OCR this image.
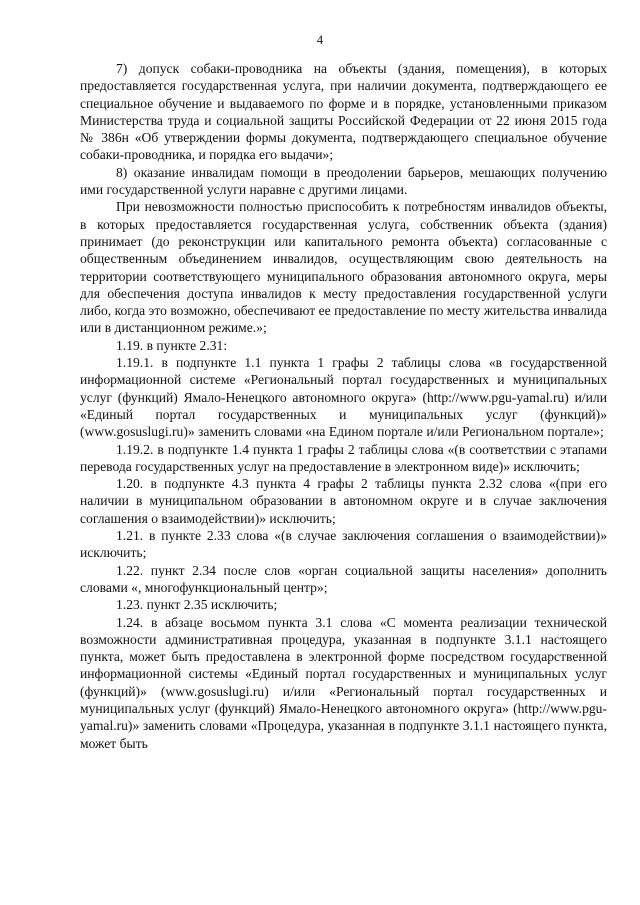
4

7) допуск собаки-проводника на объекты (здания, помещения), в которых предоставляется государственная услуга, при наличии документа, подтверждающего ее специальное обучение и выдаваемого по форме и в порядке, установленными приказом Министерства труда и социальной защиты Российской Федерации от 22 июня 2015 года № 386н «Об утверждении формы документа, подтверждающего специальное обучение собаки-проводника, и порядка его выдачи»;

8) оказание инвалидам помощи в преодолении барьеров, мешающих получению ими государственной услуги наравне с другими лицами.

При невозможности полностью приспособить к потребностям инвалидов объекты, в которых предоставляется государственная услуга, собственник объекта (здания) принимает (до реконструкции или капитального ремонта объекта) согласованные с общественным объединением инвалидов, осуществляющим свою деятельность на территории соответствующего муниципального образования автономного округа, меры для обеспечения доступа инвалидов к месту предоставления государственной услуги либо, когда это возможно, обеспечивают ее предоставление по месту жительства инвалида или в дистанционном режиме.»;

1.19. в пункте 2.31:

1.19.1. в подпункте 1.1 пункта 1 графы 2 таблицы слова «в государственной информационной системе «Региональный портал государственных и муниципальных услуг (функций) Ямало-Ненецкого автономного округа» (http://www.pgu-yamal.ru) и/или «Единый портал государственных и муниципальных услуг (функций)» (www.gosuslugi.ru)» заменить словами «на Едином портале и/или Региональном портале»;

1.19.2. в подпункте 1.4 пункта 1 графы 2 таблицы слова «(в соответствии с этапами перевода государственных услуг на предоставление в электронном виде)» исключить;

1.20. в подпункте 4.3 пункта 4 графы 2 таблицы пункта 2.32 слова «(при его наличии в муниципальном образовании в автономном округе и в случае заключения соглашения о взаимодействии)» исключить;

1.21. в пункте 2.33 слова «(в случае заключения соглашения о взаимодействии)» исключить;

1.22. пункт 2.34 после слов «орган социальной защиты населения» дополнить словами «, многофункциональный центр»;

1.23. пункт 2.35 исключить;

1.24. в абзаце восьмом пункта 3.1 слова «С момента реализации технической возможности административная процедура, указанная в подпункте 3.1.1 настоящего пункта, может быть предоставлена в электронной форме посредством государственной информационной системы «Единый портал государственных и муниципальных услуг (функций)» (www.gosuslugi.ru) и/или «Региональный портал государственных и муниципальных услуг (функций) Ямало-Ненецкого автономного округа» (http://www.pgu-yamal.ru)» заменить словами «Процедура, указанная в подпункте 3.1.1 настоящего пункта, может быть
